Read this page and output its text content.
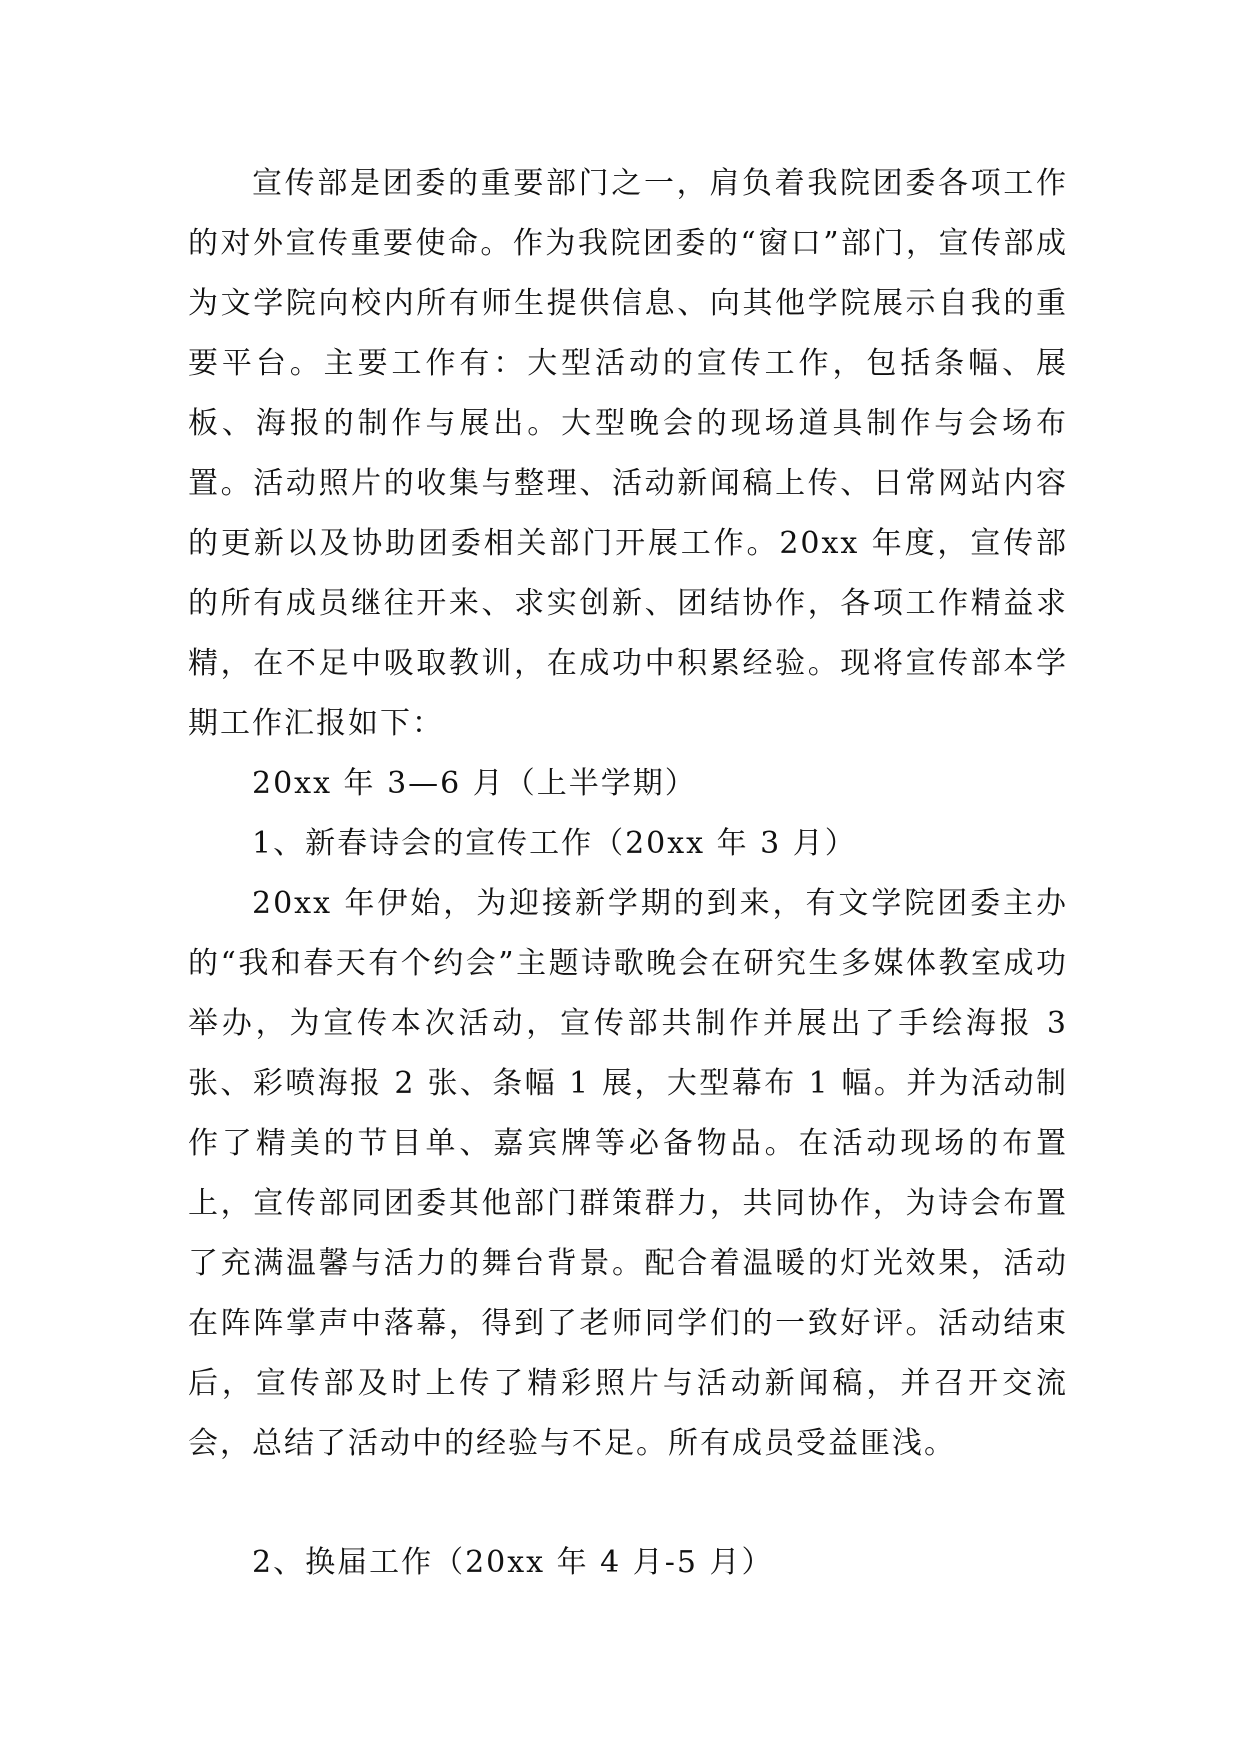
宣传部是团委的重要部门之一，肩负着我院团委各项工作的对外宣传重要使命。作为我院团委的“窗口”部门，宣传部成为文学院向校内所有师生提供信息、向其他学院展示自我的重要平台。主要工作有：大型活动的宣传工作，包括条幅、展板、海报的制作与展出。大型晚会的现场道具制作与会场布置。活动照片的收集与整理、活动新闻稿上传、日常网站内容的更新以及协助团委相关部门开展工作。20xx 年度，宣传部的所有成员继往开来、求实创新、团结协作，各项工作精益求精，在不足中吸取教训，在成功中积累经验。现将宣传部本学期工作汇报如下：

20xx 年 3—6 月（上半学期）

1、新春诗会的宣传工作（20xx 年 3 月）

20xx 年伊始，为迎接新学期的到来，有文学院团委主办的“我和春天有个约会”主题诗歌晚会在研究生多媒体教室成功举办，为宣传本次活动，宣传部共制作并展出了手绘海报 3 张、彩喷海报 2 张、条幅 1 展，大型幕布 1 幅。并为活动制作了精美的节目单、嘉宾牌等必备物品。在活动现场的布置上，宣传部同团委其他部门群策群力，共同协作，为诗会布置了充满温馨与活力的舞台背景。配合着温暖的灯光效果，活动在阵阵掌声中落幕，得到了老师同学们的一致好评。活动结束后，宣传部及时上传了精彩照片与活动新闻稿，并召开交流会，总结了活动中的经验与不足。所有成员受益匪浅。

2、换届工作（20xx 年 4 月-5 月）
